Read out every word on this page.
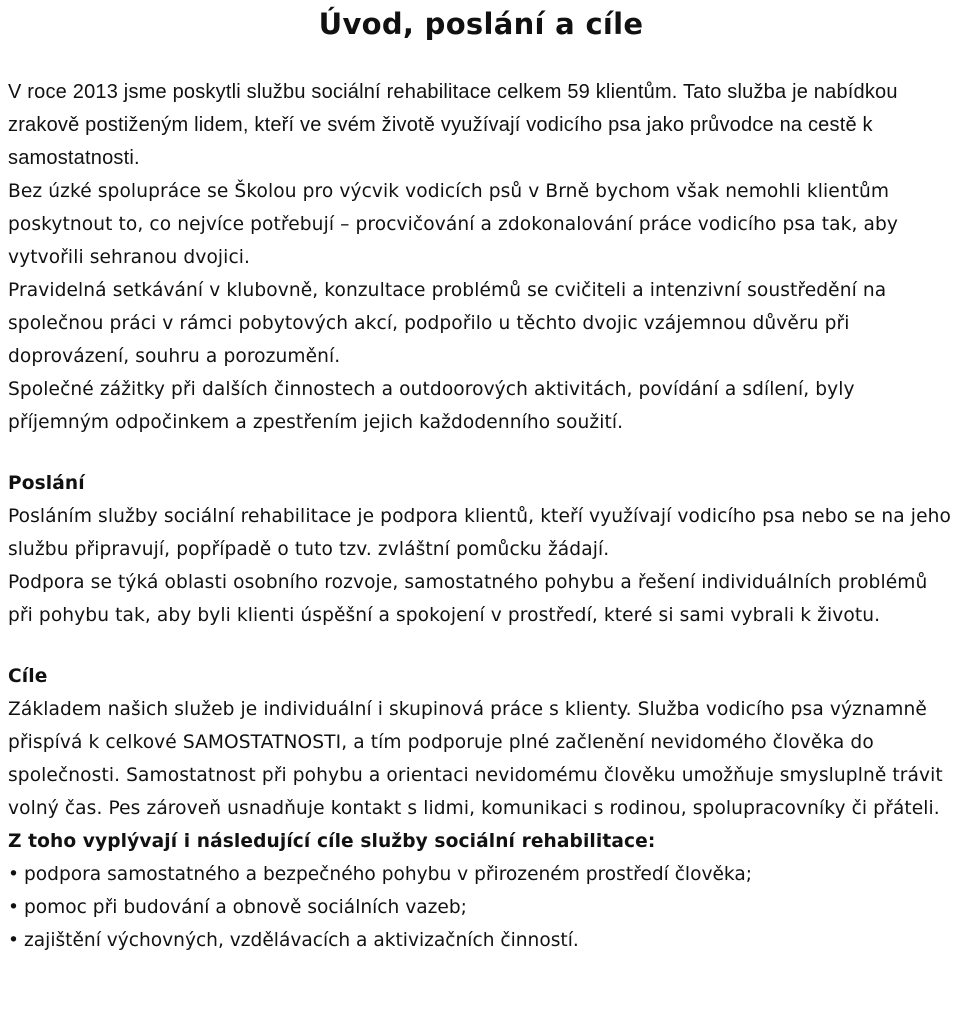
Úvod, poslání a cíle

V roce 2013 jsme poskytli službu sociální rehabilitace celkem 59 klientům. Tato služba je nabídkou zrakově postiženým lidem, kteří ve svém životě využívají vodicího psa jako průvodce na cestě k samostatnosti.

Bez úzké spolupráce se Školou pro výcvik vodicích psů v Brně bychom však nemohli klientům poskytnout to, co nejvíce potřebují – procvičování a zdokonalování práce vodicího psa tak, aby vytvořili sehranou dvojici.

Pravidelná setkávání v klubovně, konzultace problémů se cvičiteli a intenzivní soustředění na společnou práci v rámci pobytových akcí, podpořilo u těchto dvojic vzájemnou důvěru při doprovázení, souhru a porozumění.

Společné zážitky při dalších činnostech a outdoorových aktivitách, povídání a sdílení, byly příjemným odpočinkem a zpestřením jejich každodenního soužití.

Poslání

Posláním služby sociální rehabilitace je podpora klientů, kteří využívají vodicího psa nebo se na jeho službu připravují, popřípadě o tuto tzv. zvláštní pomůcku žádají.

Podpora se týká oblasti osobního rozvoje, samostatného pohybu a řešení individuálních problémů při pohybu tak, aby byli klienti úspěšní a spokojení v prostředí, které si sami vybrali k životu.

Cíle

Základem našich služeb je individuální i skupinová práce s klienty. Služba vodicího psa významně přispívá k celkové SAMOSTATNOSTI, a tím podporuje plné začlenění nevidomého člověka do společnosti. Samostatnost při pohybu a orientaci nevidomému člověku umožňuje smysluplně trávit volný čas. Pes zároveň usnadňuje kontakt s lidmi, komunikaci s rodinou, spolupracovníky či přáteli.

Z toho vyplývají i následující cíle služby sociální rehabilitace:

• podpora samostatného a bezpečného pohybu v přirozeném prostředí člověka;
• pomoc při budování a obnově sociálních vazeb;
• zajištění výchovných, vzdělávacích a aktivizačních činností.
